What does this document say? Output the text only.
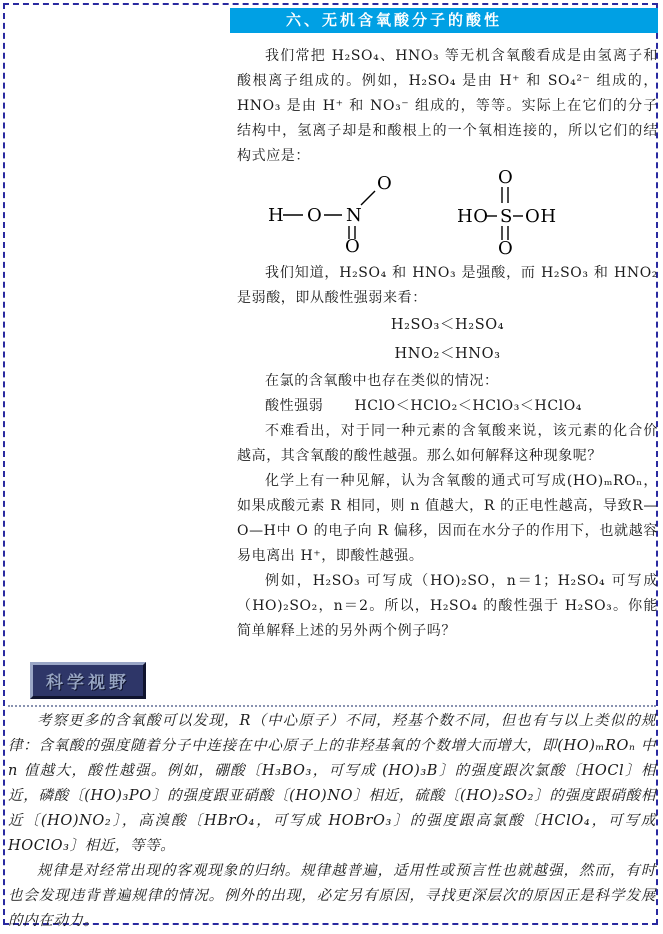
六、无机含氧酸分子的酸性

我们常把 H₂SO₄、HNO₃ 等无机含氧酸看成是由氢离子和酸根离子组成的。例如，H₂SO₄ 是由 H⁺ 和 SO₄²⁻ 组成的，HNO₃ 是由 H⁺ 和 NO₃⁻ 组成的，等等。实际上在它们的分子结构中，氢离子却是和酸根上的一个氧相连接的，所以它们的结构式应是：

H O N
O
O
O
HO S OH
O

我们知道，H₂SO₄ 和 HNO₃ 是强酸，而 H₂SO₃ 和 HNO₂ 是弱酸，即从酸性强弱来看：

H₂SO₃＜H₂SO₄
HNO₂＜HNO₃

在氯的含氧酸中也存在类似的情况：

酸性强弱 HClO＜HClO₂＜HClO₃＜HClO₄

不难看出，对于同一种元素的含氧酸来说，该元素的化合价越高，其含氧酸的酸性越强。那么如何解释这种现象呢？

化学上有一种见解，认为含氧酸的通式可写成(HO)ₘROₙ，如果成酸元素 R 相同，则 n 值越大，R 的正电性越高，导致R—O—H中 O 的电子向 R 偏移，因而在水分子的作用下，也就越容易电离出 H⁺，即酸性越强。

例如，H₂SO₃ 可写成（HO)₂SO，n＝1；H₂SO₄ 可写成（HO)₂SO₂，n＝2。所以，H₂SO₄ 的酸性强于 H₂SO₃。你能简单解释上述的另外两个例子吗？

科学视野

考察更多的含氧酸可以发现，R（中心原子）不同，羟基个数不同，但也有与以上类似的规律：含氧酸的强度随着分子中连接在中心原子上的非羟基氧的个数增大而增大，即(HO)ₘROₙ 中 n 值越大，酸性越强。例如，硼酸〔H₃BO₃，可写成 (HO)₃B〕的强度跟次氯酸〔HOCl〕相近，磷酸〔(HO)₃PO〕的强度跟亚硝酸〔(HO)NO〕相近，硫酸〔(HO)₂SO₂〕的强度跟硝酸相近〔(HO)NO₂〕，高溴酸〔HBrO₄，可写成 HOBrO₃〕的强度跟高氯酸〔HClO₄，可写成 HOClO₃〕相近，等等。

规律是对经常出现的客观现象的归纳。规律越普遍，适用性或预言性也就越强，然而，有时也会发现违背普遍规律的情况。例外的出现，必定另有原因，寻找更深层次的原因正是科学发展的内在动力。
